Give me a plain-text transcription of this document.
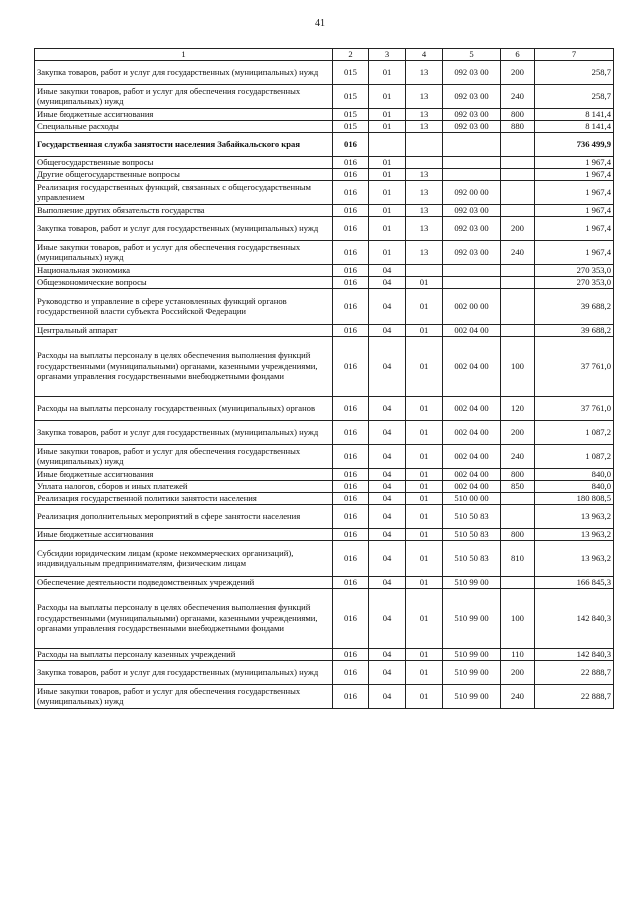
41
1	2	3	4	5	6	7
Закупка товаров, работ и услуг для государственных (муниципальных) нужд	015	01	13	092 03 00	200	258,7
Иные закупки товаров, работ и услуг для обеспечения государственных (муниципальных) нужд	015	01	13	092 03 00	240	258,7
Иные бюджетные ассигнования	015	01	13	092 03 00	800	8 141,4
Специальные расходы	015	01	13	092 03 00	880	8 141,4
Государственная служба занятости населения Забайкальского края	016					736 499,9
Общегосударственные вопросы	016	01				1 967,4
Другие общегосударственные вопросы	016	01	13			1 967,4
Реализация государственных функций, связанных с общегосударственным управлением	016	01	13	092 00 00		1 967,4
Выполнение других обязательств государства	016	01	13	092 03 00		1 967,4
Закупка товаров, работ и услуг для государственных (муниципальных) нужд	016	01	13	092 03 00	200	1 967,4
Иные закупки товаров, работ и услуг для обеспечения государственных (муниципальных) нужд	016	01	13	092 03 00	240	1 967,4
Национальная экономика	016	04				270 353,0
Общеэкономические вопросы	016	04	01			270 353,0
Руководство и управление в сфере установленных функций органов государственной власти субъекта Российской Федерации	016	04	01	002 00 00		39 688,2
Центральный аппарат	016	04	01	002 04 00		39 688,2
Расходы на выплаты персоналу в целях обеспечения выполнения функций государственными (муниципальными) органами, казенными учреждениями, органами управления государственными внебюджетными фондами	016	04	01	002 04 00	100	37 761,0
Расходы на выплаты персоналу государственных (муниципальных) органов	016	04	01	002 04 00	120	37 761,0
Закупка товаров, работ и услуг для государственных (муниципальных) нужд	016	04	01	002 04 00	200	1 087,2
Иные закупки товаров, работ и услуг для обеспечения государственных (муниципальных) нужд	016	04	01	002 04 00	240	1 087,2
Иные бюджетные ассигнования	016	04	01	002 04 00	800	840,0
Уплата налогов, сборов и иных платежей	016	04	01	002 04 00	850	840,0
Реализация государственной политики занятости населения	016	04	01	510 00 00		180 808,5
Реализация дополнительных мероприятий в сфере занятости населения	016	04	01	510 50 83		13 963,2
Иные бюджетные ассигнования	016	04	01	510 50 83	800	13 963,2
Субсидии юридическим лицам (кроме некоммерческих организаций), индивидуальным предпринимателям, физическим лицам	016	04	01	510 50 83	810	13 963,2
Обеспечение деятельности подведомственных учреждений	016	04	01	510 99 00		166 845,3
Расходы на выплаты персоналу в целях обеспечения выполнения функций государственными (муниципальными) органами, казенными учреждениями, органами управления государственными внебюджетными фондами	016	04	01	510 99 00	100	142 840,3
Расходы на выплаты персоналу казенных учреждений	016	04	01	510 99 00	110	142 840,3
Закупка товаров, работ и услуг для государственных (муниципальных) нужд	016	04	01	510 99 00	200	22 888,7
Иные закупки товаров, работ и услуг для обеспечения государственных (муниципальных) нужд	016	04	01	510 99 00	240	22 888,7
